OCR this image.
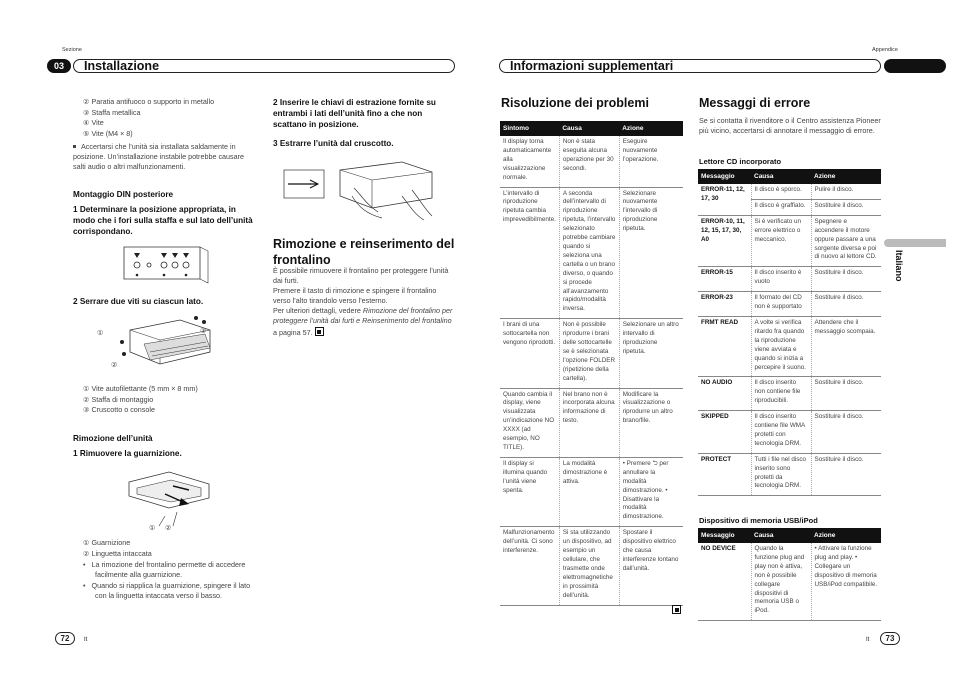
Sezione
03	Installazione
② Paratia antifuoco o supporto in metallo
③ Staffa metallica
④ Vite
⑤ Vite (M4 × 8)
Accertarsi che l’unità sia installata saldamente in posizione. Un’installazione instabile potrebbe causare salti audio o altri malfunzionamenti.
Montaggio DIN posteriore
1 Determinare la posizione appropriata, in modo che i fori sulla staffa e sul lato dell’unità corrispondano.
2 Serrare due viti su ciascun lato.
①
②
③
① Vite autofilettante (5 mm × 8 mm)
② Staffa di montaggio
③ Cruscotto o console
Rimozione dell’unità
1 Rimuovere la guarnizione.
① ②
① Guarnizione
② Linguetta intaccata
•   La rimozione del frontalino permette di accedere facilmente alla guarnizione.
•   Quando si riapplica la guarnizione, spingere il lato con la linguetta intaccata verso il basso.
2 Inserire le chiavi di estrazione fornite su entrambi i lati dell’unità fino a che non scattano in posizione.
3 Estrarre l’unità dal cruscotto.
Rimozione e reinserimento del frontalino
È possibile rimuovere il frontalino per proteggere l’unità dai furti.
Premere il tasto di rimozione e spingere il frontalino verso l’alto tirandolo verso l’esterno.
Per ulteriori dettagli, vedere Rimozione del frontalino per proteggere l’unità dai furti e Reinserimento del frontalino a pagina 57.
72	It
Appendice
Informazioni supplementari
Italiano
Risoluzione dei problemi
Sintomo	Causa	Azione
Il display torna automaticamente alla visualizzazione normale.	Non è stata eseguita alcuna operazione per 30 secondi.	Eseguire nuovamente l’operazione.
L’intervallo di riproduzione ripetuta cambia imprevedibilmente.	A seconda dell’intervallo di riproduzione ripetuta, l’intervallo selezionato potrebbe cambiare quando si seleziona una cartella o un brano diverso, o quando si procede all’avanzamento rapido/modalità inversa.	Selezionare nuovamente l’intervallo di riproduzione ripetuta.
I brani di una sottocartella non vengono riprodotti.	Non è possibile riprodurre i brani delle sottocartelle se è selezionata l’opzione FOLDER (ripetizione della cartella).	Selezionare un altro intervallo di riproduzione ripetuta.
Quando cambia il display, viene visualizzata un’indicazione NO XXXX (ad esempio, NO TITLE).	Nel brano non è incorporata alcuna informazione di testo.	Modificare la visualizzazione o riprodurre un altro brano/file.
Il display si illumina quando l’unità viene spenta.	La modalità dimostrazione è attiva.	• Premere ⮌ per annullare la modalità dimostrazione. • Disattivare la modalità dimostrazione.
Malfunzionamento dell’unità. Ci sono interferenze.	Si sta utilizzando un dispositivo, ad esempio un cellulare, che trasmette onde elettromagnetiche in prossimità dell’unità.	Spostare il dispositivo elettrico che causa interferenze lontano dall’unità.
Messaggi di errore
Se si contatta il rivenditore o il Centro assistenza Pioneer più vicino, accertarsi di annotare il messaggio di errore.
Lettore CD incorporato
Messaggio	Causa	Azione
ERROR-11, 12, 17, 30	Il disco è sporco.	Pulire il disco.
	Il disco è graffiato.	Sostituire il disco.
ERROR-10, 11, 12, 15, 17, 30, A0	Si è verificato un errore elettrico o meccanico.	Spegnere e accendere il motore oppure passare a una sorgente diversa e poi di nuovo al lettore CD.
ERROR-15	Il disco inserito è vuoto	Sostituire il disco.
ERROR-23	Il formato del CD non è supportato	Sostituire il disco.
FRMT READ	A volte si verifica ritardo fra quando la riproduzione viene avviata e quando si inizia a percepire il suono.	Attendere che il messaggio scompaia.
NO AUDIO	Il disco inserito non contiene file riproducibili.	Sostituire il disco.
SKIPPED	Il disco inserito contiene file WMA protetti con tecnologia DRM.	Sostituire il disco.
PROTECT	Tutti i file nel disco inserito sono protetti da tecnologia DRM.	Sostituire il disco.
Dispositivo di memoria USB/iPod
Messaggio	Causa	Azione
NO DEVICE	Quando la funzione plug and play non è attiva, non è possibile collegare dispositivi di memoria USB o iPod.	• Attivare la funzione plug and play. • Collegare un dispositivo di memoria USB/iPod compatibile.
It	73
